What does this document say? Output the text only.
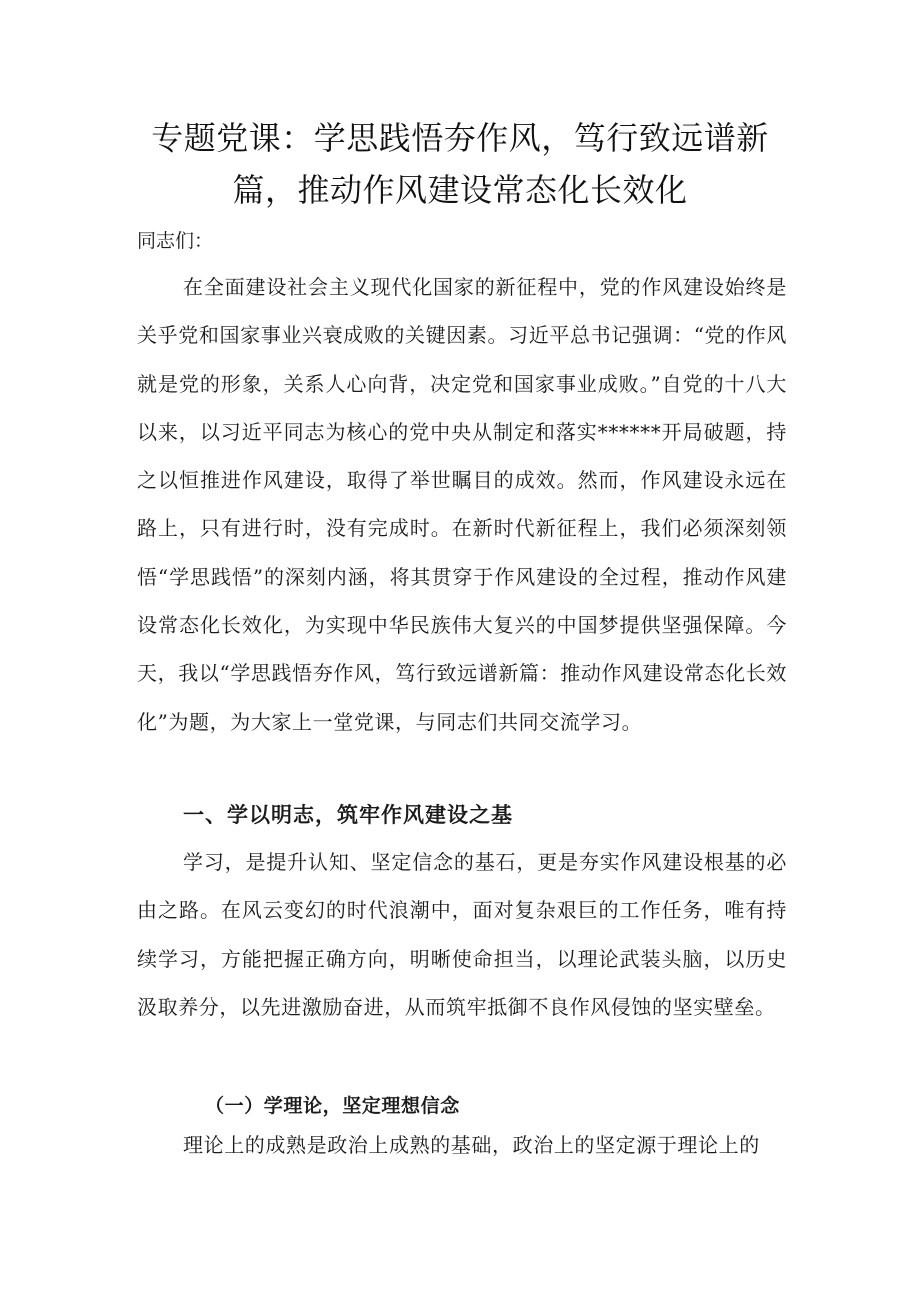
专题党课：学思践悟夯作风，笃行致远谱新篇，推动作风建设常态化长效化

同志们：

在全面建设社会主义现代化国家的新征程中，党的作风建设始终是关乎党和国家事业兴衰成败的关键因素。习近平总书记强调：“党的作风就是党的形象，关系人心向背，决定党和国家事业成败。”自党的十八大以来，以习近平同志为核心的党中央从制定和落实******开局破题，持之以恒推进作风建设，取得了举世瞩目的成效。然而，作风建设永远在路上，只有进行时，没有完成时。在新时代新征程上，我们必须深刻领悟“学思践悟”的深刻内涵，将其贯穿于作风建设的全过程，推动作风建设常态化长效化，为实现中华民族伟大复兴的中国梦提供坚强保障。今天，我以“学思践悟夯作风，笃行致远谱新篇：推动作风建设常态化长效化”为题，为大家上一堂党课，与同志们共同交流学习。

一、学以明志，筑牢作风建设之基

学习，是提升认知、坚定信念的基石，更是夯实作风建设根基的必由之路。在风云变幻的时代浪潮中，面对复杂艰巨的工作任务，唯有持续学习，方能把握正确方向，明晰使命担当，以理论武装头脑，以历史汲取养分，以先进激励奋进，从而筑牢抵御不良作风侵蚀的坚实壁垒。

（一）学理论，坚定理想信念

理论上的成熟是政治上成熟的基础，政治上的坚定源于理论上的
